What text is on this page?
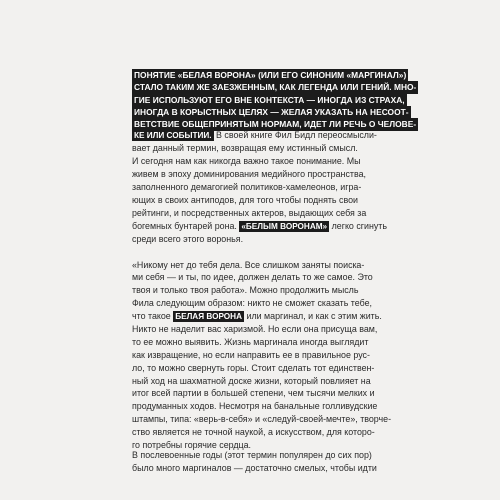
ПОНЯТИЕ «БЕЛАЯ ВОРОНА» (ИЛИ ЕГО СИНОНИМ «МАРГИНАЛ»)
СТАЛО ТАКИМ ЖЕ ЗАЕЗЖЕННЫМ, КАК ЛЕГЕНДА ИЛИ ГЕНИЙ. МНО-
ГИЕ ИСПОЛЬЗУЮТ ЕГО ВНЕ КОНТЕКСТА — ИНОГДА ИЗ СТРАХА,
ИНОГДА В КОРЫСТНЫХ ЦЕЛЯХ — ЖЕЛАЯ УКАЗАТЬ НА НЕСООТ-
ВЕТСТВИЕ ОБЩЕПРИНЯТЫМ НОРМАМ, ИДЕТ ЛИ РЕЧЬ О ЧЕЛОВЕ-
КЕ ИЛИ СОБЫТИИ. В своей книге Фил Бидл переосмысли-
вает данный термин, возвращая ему истинный смысл.
И сегодня нам как никогда важно такое понимание. Мы
живем в эпоху доминирования медийного пространства,
заполненного демагогией политиков-хамелеонов, игра-
ющих в своих антиподов, для того чтобы поднять свои
рейтинги, и посредственных актеров, выдающих себя за
богемных бунтарей рона. «БЕЛЫМ ВОРОНАМ» легко сгинуть
среди всего этого воронья.
«Никому нет до тебя дела. Все слишком заняты поискa-
ми себя — и ты, по идее, должен делать то же самое. Это
твоя и только твоя работа». Можно продолжить мысль
Фила следующим образом: никто не сможет сказать тебе,
что такое БЕЛАЯ ВОРОНА или маргинал, и как с этим жить.
Никто не наделит вас харизмой. Но если она присуща вам,
то ее можно выявить. Жизнь маргинала иногда выглядит
как извращение, но если направить ее в правильное рус-
ло, то можно свернуть горы. Стоит сделать тот единствен-
ный ход на шахматной доске жизни, который повлияет на
итог всей партии в большей степени, чем тысячи мелких и
продуманных ходов. Несмотря на банальные голливудские
штампы, типа: «верь-в-себя» и «следуй-своей-мечте», творче-
ство является не точной наукой, а искусством, для которо-
го потребны горячие сердца.
В послевоенные годы (этот термин популярен до сих пор)
было много маргиналов — достаточно смелых, чтобы идти
